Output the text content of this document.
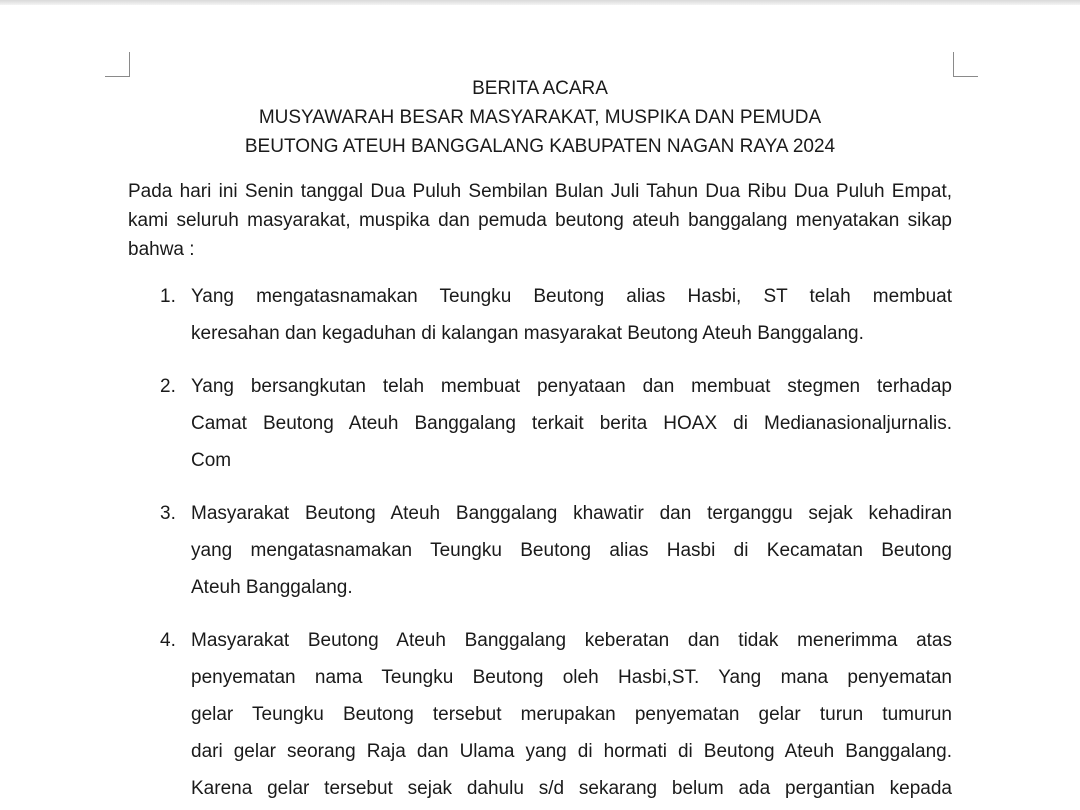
BERITA ACARA
MUSYAWARAH BESAR MASYARAKAT, MUSPIKA DAN PEMUDA
BEUTONG ATEUH BANGGALANG KABUPATEN NAGAN RAYA 2024
Pada hari ini Senin tanggal Dua Puluh Sembilan Bulan Juli Tahun Dua Ribu Dua Puluh Empat, kami seluruh masyarakat, muspika dan pemuda beutong ateuh banggalang menyatakan sikap bahwa :
1. Yang mengatasnamakan Teungku Beutong alias Hasbi, ST telah membuat
keresahan dan kegaduhan di kalangan masyarakat Beutong Ateuh Banggalang.
2. Yang bersangkutan telah membuat penyataan dan membuat stegmen terhadap
Camat Beutong Ateuh Banggalang terkait berita HOAX di Medianasionaljurnalis.
Com
3. Masyarakat Beutong Ateuh Banggalang khawatir dan terganggu sejak kehadiran
yang mengatasnamakan Teungku Beutong alias Hasbi di Kecamatan Beutong
Ateuh Banggalang.
4. Masyarakat Beutong Ateuh Banggalang keberatan dan tidak menerimma atas
penyematan nama Teungku Beutong oleh Hasbi,ST. Yang mana penyematan
gelar Teungku Beutong tersebut merupakan penyematan gelar turun tumurun
dari gelar seorang Raja dan Ulama yang di hormati di Beutong Ateuh Banggalang.
Karena gelar tersebut sejak dahulu s/d sekarang belum ada pergantian kepada
